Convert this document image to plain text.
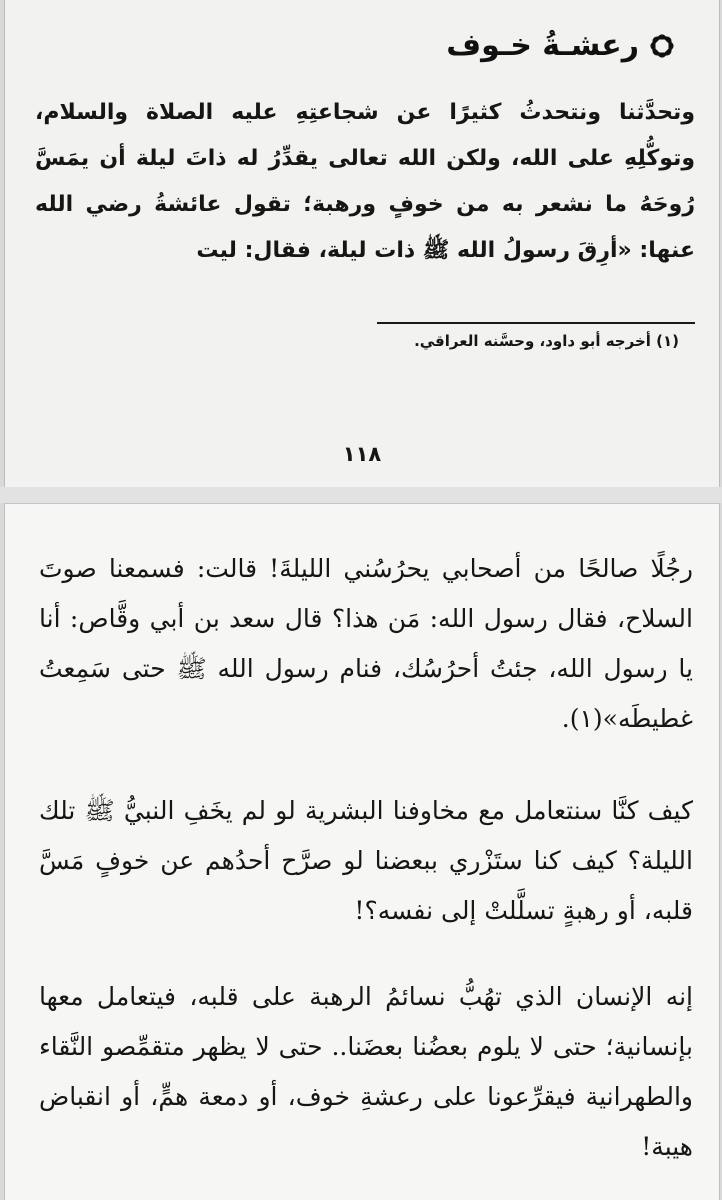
رعشـةُ خـوف
وتحدَّثنا ونتحدثُ كثيرًا عن شجاعتِهِ عليه الصلاة والسلام، وتوكُّلِهِ على الله، ولكن الله تعالى يقدِّرُ له ذاتَ ليلة أن يمَسَّ رُوحَهُ ما نشعر به من خوفٍ ورهبة؛ تقول عائشةُ رضي الله عنها: «أرِقَ رسولُ الله ﷺ ذات ليلة، فقال: ليت
(١) أخرجه أبو داود، وحسَّنه العراقي.
١١٨
رجُلًا صالحًا من أصحابي يحرُسُني الليلةَ! قالت: فسمعنا صوتَ السلاح، فقال رسول الله: مَن هذا؟ قال سعد بن أبي وقَّاص: أنا يا رسول الله، جئتُ أحرُسُك، فنام رسول الله ﷺ حتى سَمِعتُ غطيطَه»(١).
كيف كنَّا سنتعامل مع مخاوفنا البشرية لو لم يخَفِ النبيُّ ﷺ تلك الليلة؟ كيف كنا ستَزْري ببعضنا لو صرَّح أحدُهم عن خوفٍ مَسَّ قلبه، أو رهبةٍ تسلَّلتْ إلى نفسه؟!
إنه الإنسان الذي تهُبُّ نسائمُ الرهبة على قلبه، فيتعامل معها بإنسانية؛ حتى لا يلوم بعضُنا بعضَنا.. حتى لا يظهر متقمِّصو النَّقاء والطهرانية فيقرِّعونا على رعشةِ خوف، أو دمعة همٍّ، أو انقباض هيبة!
